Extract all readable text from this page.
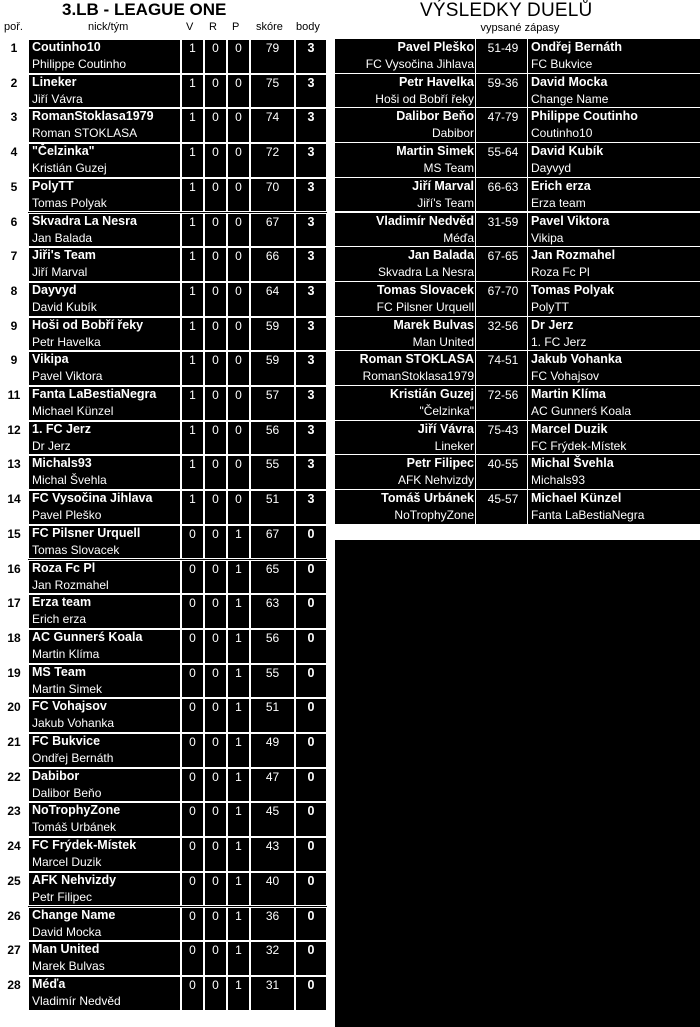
3.LB - LEAGUE ONE	VÝSLEDKY DUELŮ
vypsané zápasy
poř.	nick/tým	V R P skóre body
1	Coutinho10
Philippe Coutinho
1	0	0	79	3
2	Lineker
Jiří Vávra
1	0	0	75	3
3	RomanStoklasa1979
Roman STOKLASA
1	0	0	74	3
4	"Čelzinka"
Kristián Guzej
1	0	0	72	3
5	PolyTT
Tomas Polyak
1	0	0	70	3
6	Skvadra La Nesra
Jan Balada
1	0	0	67	3
7	Jiři's Team
Jiří Marval
1	0	0	66	3
8	Dayvyd
David Kubík
1	0	0	64	3
9	Hoši od Bobří řeky
Petr Havelka
1	0	0	59	3
9	Vikipa
Pavel Viktora
1	0	0	59	3
11 Fanta LaBestiaNegra
Michael Künzel
1	0	0	57	3
12 1. FC Jerz
Dr Jerz
1	0	0	56	3
13 Michals93
Michal Švehla
1	0	0	55	3
14 FC Vysočina Jihlava
Pavel Pleško
1	0	0	51	3
15 FC Pilsner Urquell
Tomas Slovacek
0	0	1	67	0
16 Roza Fc Pl
Jan Rozmahel
0	0	1	65	0
17 Erza team
Erich erza
0	0	1	63	0
18 AC Gunnerś Koala
Martin Klíma
0	0	1	56	0
19 MS Team
Martin Simek
0	0	1	55	0
20 FC Vohajsov
Jakub Vohanka
0	0	1	51	0
21 FC Bukvice
Ondřej Bernáth
0	0	1	49	0
22 Dabibor
Dalibor Beňo
0	0	1	47	0
23 NoTrophyZone
Tomáš Urbánek
0	0	1	45	0
24 FC Frýdek-Místek
Marcel Duzik
0	0	1	43	0
25 AFK Nehvizdy
Petr Filipec
0	0	1	40	0
26 Change Name
David Mocka
0	0	1	36	0
27 Man United
Marek Bulvas
0	0	1	32	0
28 Méďa
Vladimír Nedvěd
0	0	1	31	0
Pavel Pleško
FC Vysočina Jihlava
51-49	Ondřej Bernáth
FC Bukvice
Petr Havelka
Hoši od Bobří řeky
59-36	David Mocka
Change Name
Dalibor Beňo
Dabibor
47-79	Philippe Coutinho
Coutinho10
Martin Simek
MS Team
55-64	David Kubík
Dayvyd
Jiří Marval
Jiří's Team
66-63	Erich erza
Erza team
Vladimír Nedvěd
Méďa
31-59	Pavel Viktora
Vikipa
Jan Balada
Skvadra La Nesra
67-65	Jan Rozmahel
Roza Fc Pl
Tomas Slovacek
FC Pilsner Urquell
67-70	Tomas Polyak
PolyTT
Marek Bulvas
Man United
32-56	Dr Jerz
1. FC Jerz
Roman STOKLASA
RomanStoklasa1979
74-51	Jakub Vohanka
FC Vohajsov
Kristián Guzej
"Čelzinka"
72-56	Martin Klíma
AC Gunnerś Koala
Jiří Vávra
Lineker
75-43	Marcel Duzik
FC Frýdek-Místek
Petr Filipec
AFK Nehvizdy
40-55	Michal Švehla
Michals93
Tomáš Urbánek
NoTrophyZone
45-57	Michael Künzel
Fanta LaBestiaNegra
